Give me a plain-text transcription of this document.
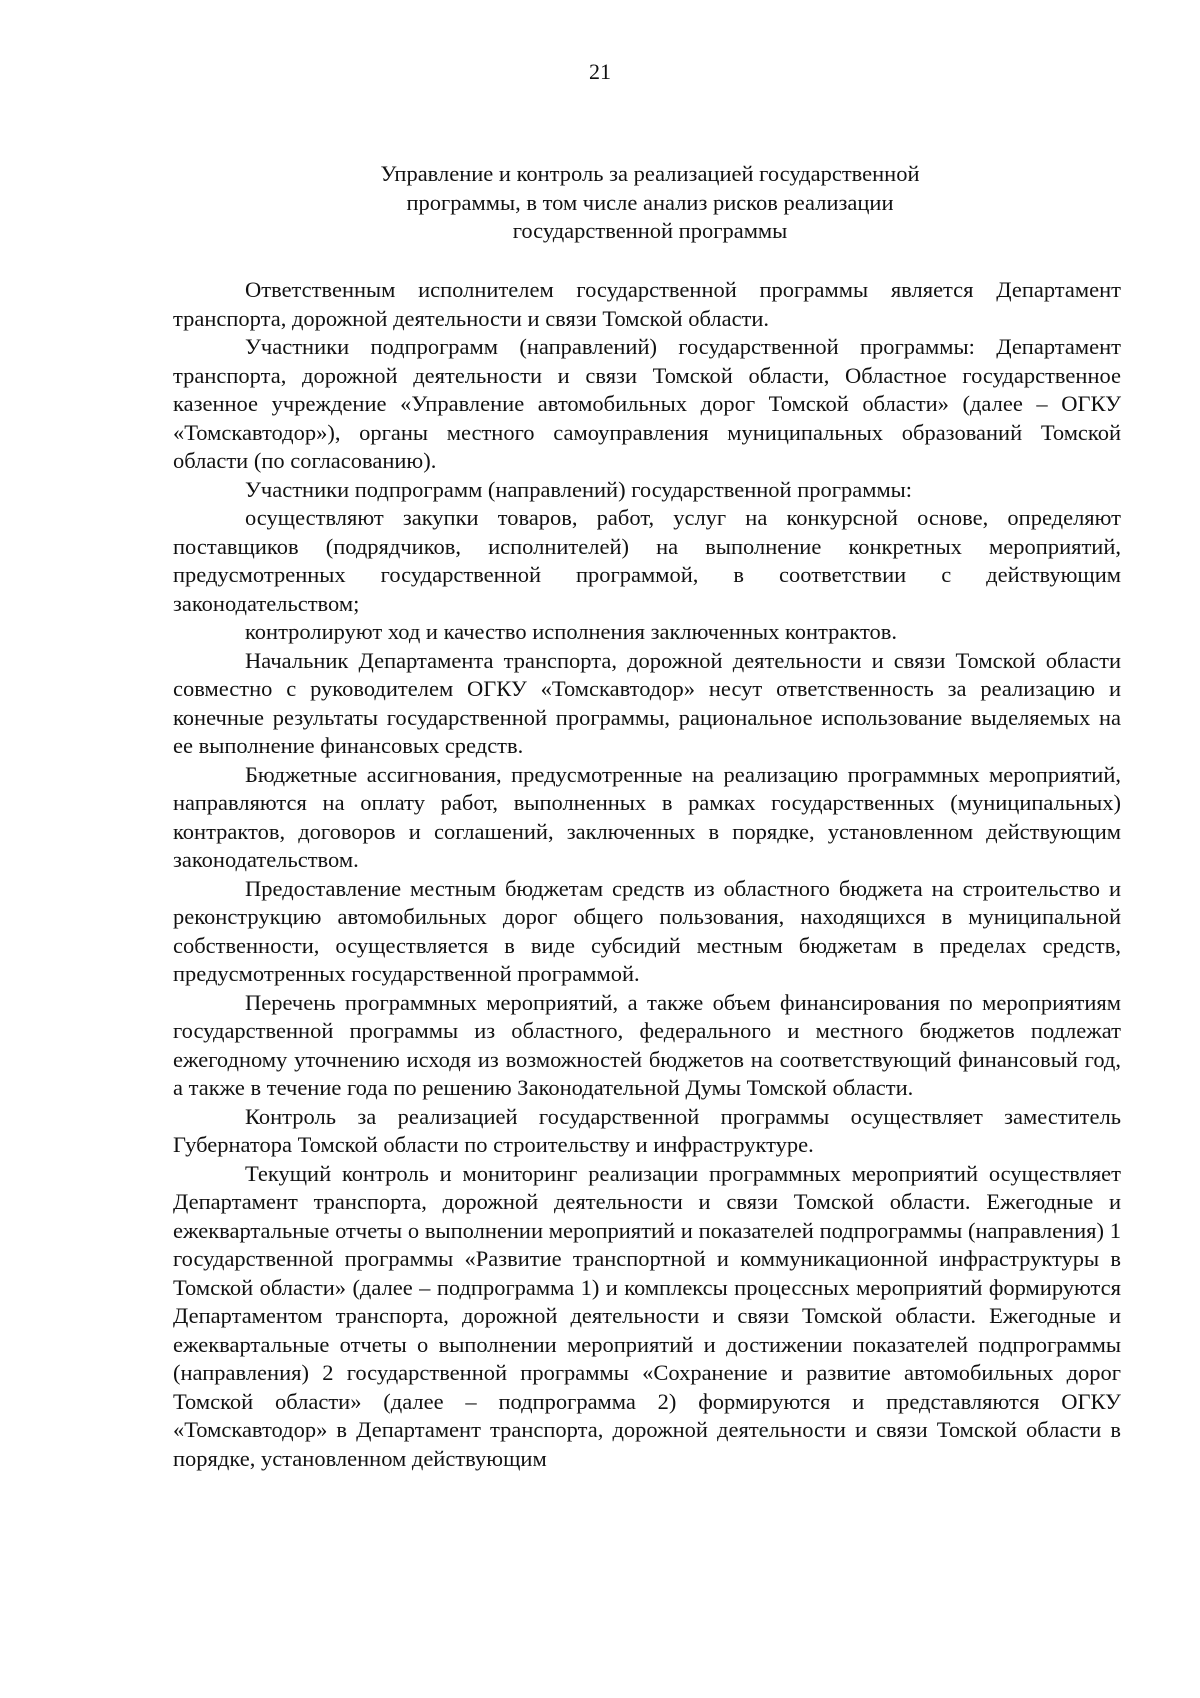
21
Управление и контроль за реализацией государственной
программы, в том числе анализ рисков реализации
государственной программы

Ответственным исполнителем государственной программы является Департамент транспорта, дорожной деятельности и связи Томской области.

Участники подпрограмм (направлений) государственной программы: Департамент транспорта, дорожной деятельности и связи Томской области, Областное государственное казенное учреждение «Управление автомобильных дорог Томской области» (далее – ОГКУ «Томскавтодор»), органы местного самоуправления муниципальных образований Томской области (по согласованию).

Участники подпрограмм (направлений) государственной программы:

осуществляют закупки товаров, работ, услуг на конкурсной основе, определяют поставщиков (подрядчиков, исполнителей) на выполнение конкретных мероприятий, предусмотренных государственной программой, в соответствии с действующим законодательством;

контролируют ход и качество исполнения заключенных контрактов.

Начальник Департамента транспорта, дорожной деятельности и связи Томской области совместно с руководителем ОГКУ «Томскавтодор» несут ответственность за реализацию и конечные результаты государственной программы, рациональное использование выделяемых на ее выполнение финансовых средств.

Бюджетные ассигнования, предусмотренные на реализацию программных мероприятий, направляются на оплату работ, выполненных в рамках государственных (муниципальных) контрактов, договоров и соглашений, заключенных в порядке, установленном действующим законодательством.

Предоставление местным бюджетам средств из областного бюджета на строительство и реконструкцию автомобильных дорог общего пользования, находящихся в муниципальной собственности, осуществляется в виде субсидий местным бюджетам в пределах средств, предусмотренных государственной программой.

Перечень программных мероприятий, а также объем финансирования по мероприятиям государственной программы из областного, федерального и местного бюджетов подлежат ежегодному уточнению исходя из возможностей бюджетов на соответствующий финансовый год, а также в течение года по решению Законодательной Думы Томской области.

Контроль за реализацией государственной программы осуществляет заместитель Губернатора Томской области по строительству и инфраструктуре.

Текущий контроль и мониторинг реализации программных мероприятий осуществляет Департамент транспорта, дорожной деятельности и связи Томской области. Ежегодные и ежеквартальные отчеты о выполнении мероприятий и показателей подпрограммы (направления) 1 государственной программы «Развитие транспортной и коммуникационной инфраструктуры в Томской области» (далее – подпрограмма 1) и комплексы процессных мероприятий формируются Департаментом транспорта, дорожной деятельности и связи Томской области. Ежегодные и ежеквартальные отчеты о выполнении мероприятий и достижении показателей подпрограммы (направления) 2 государственной программы «Сохранение и развитие автомобильных дорог Томской области» (далее – подпрограмма 2) формируются и представляются ОГКУ «Томскавтодор» в Департамент транспорта, дорожной деятельности и связи Томской области в порядке, установленном действующим
